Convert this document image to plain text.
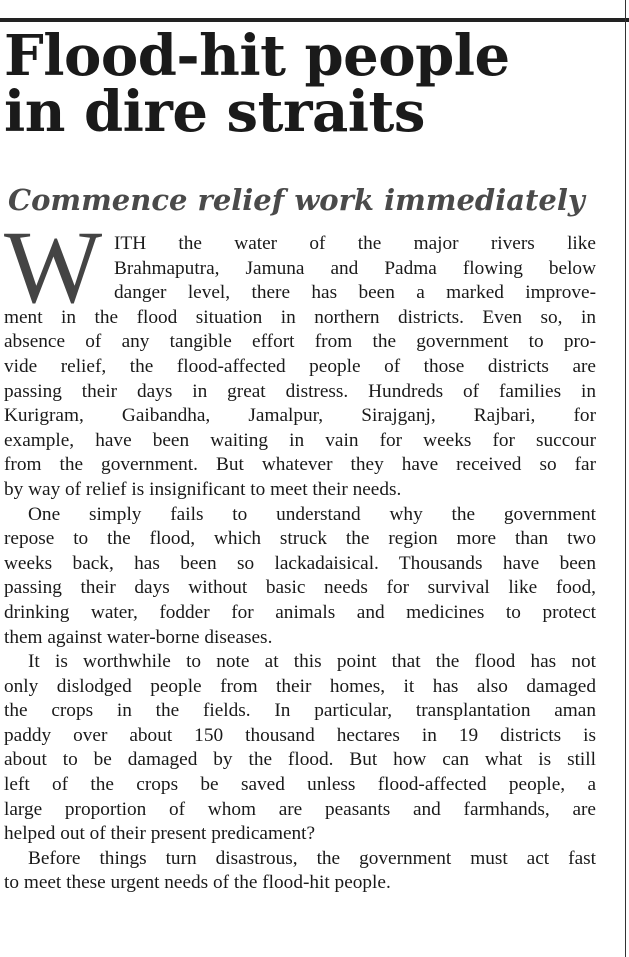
Flood-hit people
in dire straits
Commence relief work immediately
W ITH the water of the major rivers like
Brahmaputra, Jamuna and Padma flowing below
danger level, there has been a marked improve-
ment in the flood situation in northern districts. Even so, in
absence of any tangible effort from the government to pro-
vide relief, the flood-affected people of those districts are
passing their days in great distress. Hundreds of families in
Kurigram, Gaibandha, Jamalpur, Sirajganj, Rajbari, for
example, have been waiting in vain for weeks for succour
from the government. But whatever they have received so far
by way of relief is insignificant to meet their needs.
One simply fails to understand why the government
repose to the flood, which struck the region more than two
weeks back, has been so lackadaisical. Thousands have been
passing their days without basic needs for survival like food,
drinking water, fodder for animals and medicines to protect
them against water-borne diseases.
It is worthwhile to note at this point that the flood has not
only dislodged people from their homes, it has also damaged
the crops in the fields. In particular, transplantation aman
paddy over about 150 thousand hectares in 19 districts is
about to be damaged by the flood. But how can what is still
left of the crops be saved unless flood-affected people, a
large proportion of whom are peasants and farmhands, are
helped out of their present predicament?
Before things turn disastrous, the government must act fast
to meet these urgent needs of the flood-hit people.
